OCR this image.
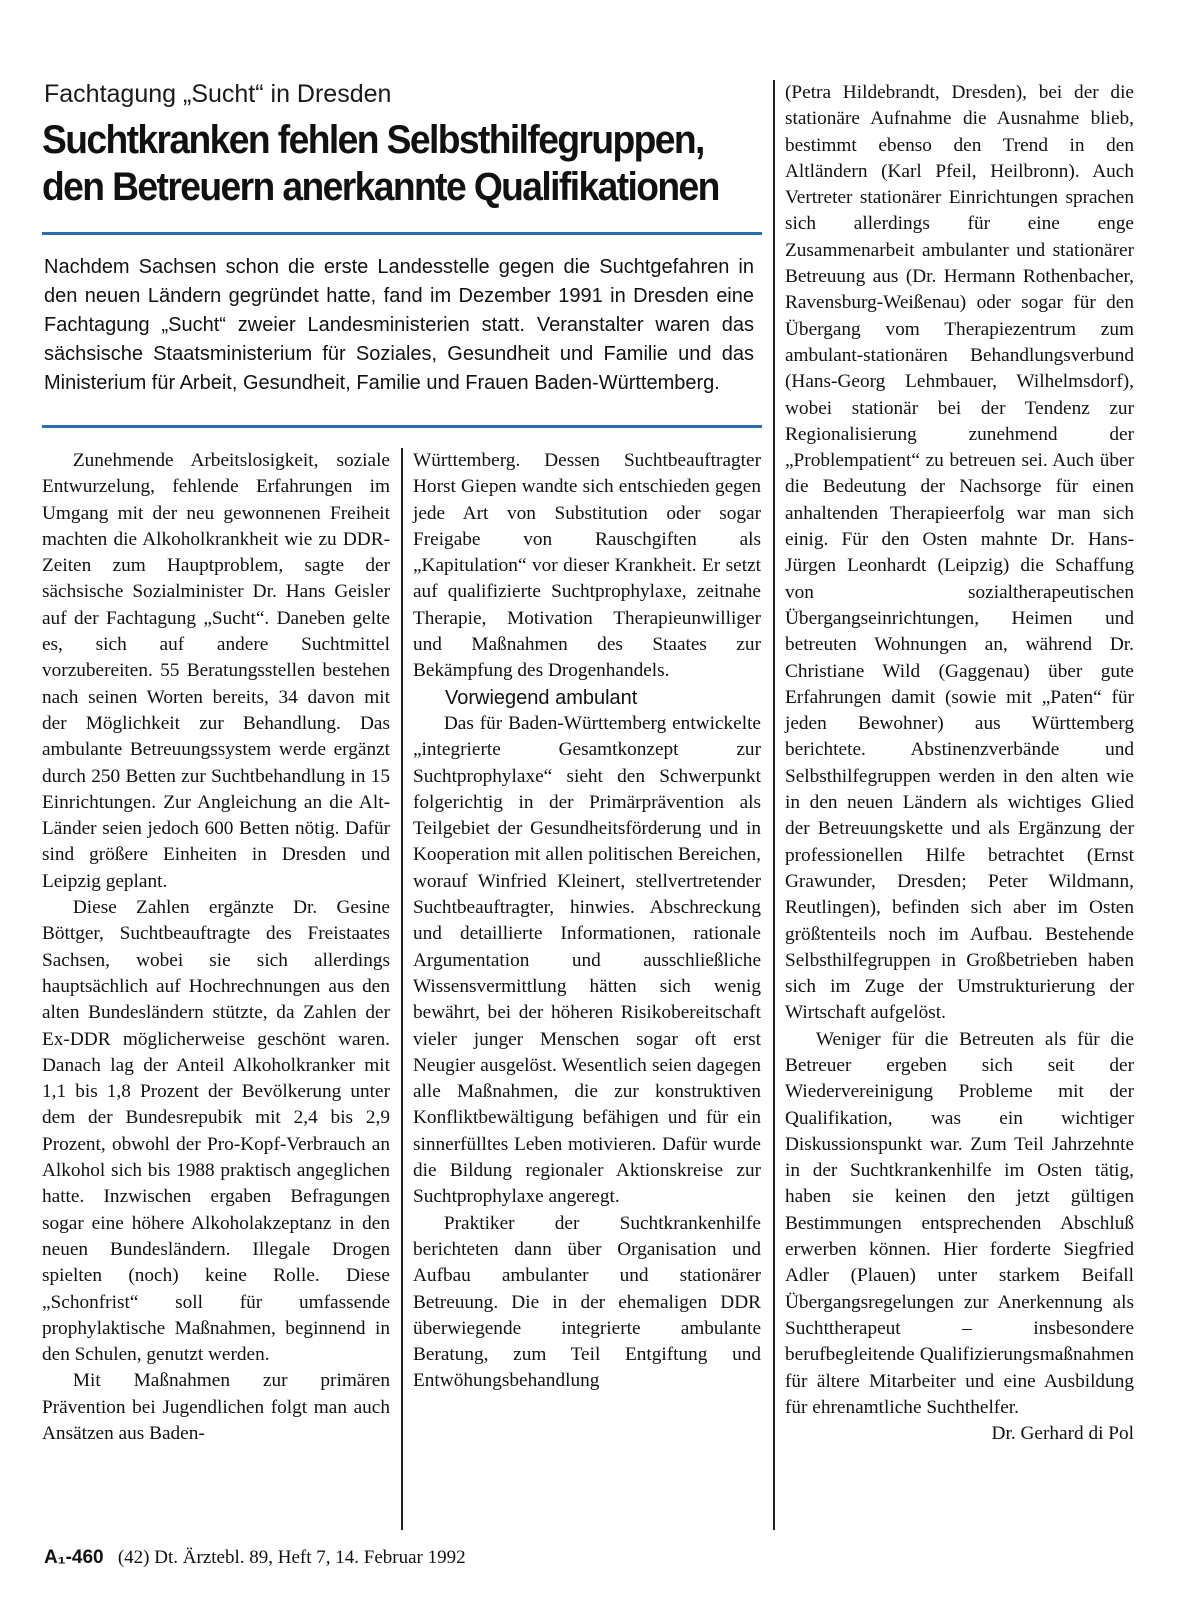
Fachtagung „Sucht“ in Dresden
Suchtkranken fehlen Selbsthilfegruppen,
den Betreuern anerkannte Qualifikationen
Nachdem Sachsen schon die erste Landesstelle gegen die Suchtgefahren in den neuen Ländern gegründet hatte, fand im Dezember 1991 in Dresden eine Fachtagung „Sucht“ zweier Landesministerien statt. Veranstalter waren das sächsische Staatsministerium für Soziales, Gesundheit und Familie und das Ministerium für Arbeit, Gesundheit, Familie und Frauen Baden-Württemberg.

Zunehmende Arbeitslosigkeit, soziale Entwurzelung, fehlende Erfahrungen im Umgang mit der neu gewonnenen Freiheit machten die Alkoholkrankheit wie zu DDR-Zeiten zum Hauptproblem, sagte der sächsische Sozialminister Dr. Hans Geisler auf der Fachtagung „Sucht“. Daneben gelte es, sich auf andere Suchtmittel vorzubereiten. 55 Beratungsstellen bestehen nach seinen Worten bereits, 34 davon mit der Möglichkeit zur Behandlung. Das ambulante Betreuungssystem werde ergänzt durch 250 Betten zur Suchtbehandlung in 15 Einrichtungen. Zur Angleichung an die Alt-Länder seien jedoch 600 Betten nötig. Dafür sind größere Einheiten in Dresden und Leipzig geplant.

Diese Zahlen ergänzte Dr. Gesine Böttger, Suchtbeauftragte des Freistaates Sachsen, wobei sie sich allerdings hauptsächlich auf Hochrechnungen aus den alten Bundesländern stützte, da Zahlen der Ex-DDR möglicherweise geschönt waren. Danach lag der Anteil Alkoholkranker mit 1,1 bis 1,8 Prozent der Bevölkerung unter dem der Bundesrepubik mit 2,4 bis 2,9 Prozent, obwohl der Pro-Kopf-Verbrauch an Alkohol sich bis 1988 praktisch angeglichen hatte. Inzwischen ergaben Befragungen sogar eine höhere Alkoholakzeptanz in den neuen Bundesländern. Illegale Drogen spielten (noch) keine Rolle. Diese „Schonfrist“ soll für umfassende prophylaktische Maßnahmen, beginnend in den Schulen, genutzt werden.

Mit Maßnahmen zur primären Prävention bei Jugendlichen folgt man auch Ansätzen aus Baden-

Württemberg. Dessen Suchtbeauftragter Horst Giepen wandte sich entschieden gegen jede Art von Substitution oder sogar Freigabe von Rauschgiften als „Kapitulation“ vor dieser Krankheit. Er setzt auf qualifizierte Suchtprophylaxe, zeitnahe Therapie, Motivation Therapieunwilliger und Maßnahmen des Staates zur Bekämpfung des Drogenhandels.

Vorwiegend ambulant

Das für Baden-Württemberg entwickelte „integrierte Gesamtkonzept zur Suchtprophylaxe“ sieht den Schwerpunkt folgerichtig in der Primärprävention als Teilgebiet der Gesundheitsförderung und in Kooperation mit allen politischen Bereichen, worauf Winfried Kleinert, stellvertretender Suchtbeauftragter, hinwies. Abschreckung und detaillierte Informationen, rationale Argumentation und ausschließliche Wissensvermittlung hätten sich wenig bewährt, bei der höheren Risikobereitschaft vieler junger Menschen sogar oft erst Neugier ausgelöst. Wesentlich seien dagegen alle Maßnahmen, die zur konstruktiven Konfliktbewältigung befähigen und für ein sinnerfülltes Leben motivieren. Dafür wurde die Bildung regionaler Aktionskreise zur Suchtprophylaxe angeregt.

Praktiker der Suchtkrankenhilfe berichteten dann über Organisation und Aufbau ambulanter und stationärer Betreuung. Die in der ehemaligen DDR überwiegende integrierte ambulante Beratung, zum Teil Entgiftung und Entwöhungsbehandlung

(Petra Hildebrandt, Dresden), bei der die stationäre Aufnahme die Ausnahme blieb, bestimmt ebenso den Trend in den Altländern (Karl Pfeil, Heilbronn). Auch Vertreter stationärer Einrichtungen sprachen sich allerdings für eine enge Zusammenarbeit ambulanter und stationärer Betreuung aus (Dr. Hermann Rothenbacher, Ravensburg-Weißenau) oder sogar für den Übergang vom Therapiezentrum zum ambulant-stationären Behandlungsverbund (Hans-Georg Lehmbauer, Wilhelmsdorf), wobei stationär bei der Tendenz zur Regionalisierung zunehmend der „Problempatient“ zu betreuen sei. Auch über die Bedeutung der Nachsorge für einen anhaltenden Therapieerfolg war man sich einig. Für den Osten mahnte Dr. Hans-Jürgen Leonhardt (Leipzig) die Schaffung von sozialtherapeutischen Übergangseinrichtungen, Heimen und betreuten Wohnungen an, während Dr. Christiane Wild (Gaggenau) über gute Erfahrungen damit (sowie mit „Paten“ für jeden Bewohner) aus Württemberg berichtete. Abstinenzverbände und Selbsthilfegruppen werden in den alten wie in den neuen Ländern als wichtiges Glied der Betreuungskette und als Ergänzung der professionellen Hilfe betrachtet (Ernst Grawunder, Dresden; Peter Wildmann, Reutlingen), befinden sich aber im Osten größtenteils noch im Aufbau. Bestehende Selbsthilfegruppen in Großbetrieben haben sich im Zuge der Umstrukturierung der Wirtschaft aufgelöst.

Weniger für die Betreuten als für die Betreuer ergeben sich seit der Wiedervereinigung Probleme mit der Qualifikation, was ein wichtiger Diskussionspunkt war. Zum Teil Jahrzehnte in der Suchtkrankenhilfe im Osten tätig, haben sie keinen den jetzt gültigen Bestimmungen entsprechenden Abschluß erwerben können. Hier forderte Siegfried Adler (Plauen) unter starkem Beifall Übergangsregelungen zur Anerkennung als Suchttherapeut – insbesondere berufbegleitende Qualifizierungsmaßnahmen für ältere Mitarbeiter und eine Ausbildung für ehrenamtliche Suchthelfer.

Dr. Gerhard di Pol

A₁-460 (42) Dt. Ärztebl. 89, Heft 7, 14. Februar 1992
